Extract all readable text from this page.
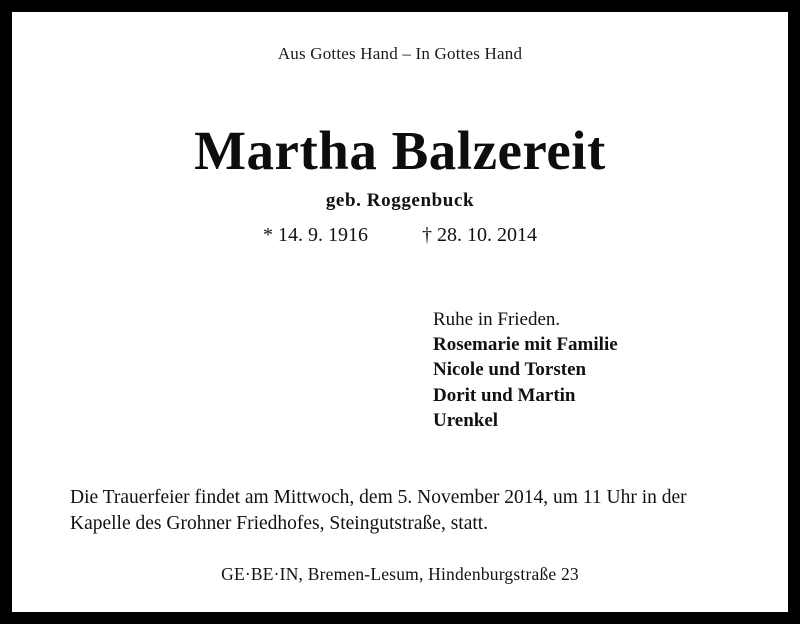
Aus Gottes Hand – In Gottes Hand
Martha Balzereit
geb. Roggenbuck
* 14. 9. 1916	† 28. 10. 2014
Ruhe in Frieden.
Rosemarie mit Familie
Nicole und Torsten
Dorit und Martin
Urenkel
Die Trauerfeier findet am Mittwoch, dem 5. November 2014, um 11 Uhr in der Kapelle des Grohner Friedhofes, Steingutstraße, statt.
GE·BE·IN, Bremen-Lesum, Hindenburgstraße 23
